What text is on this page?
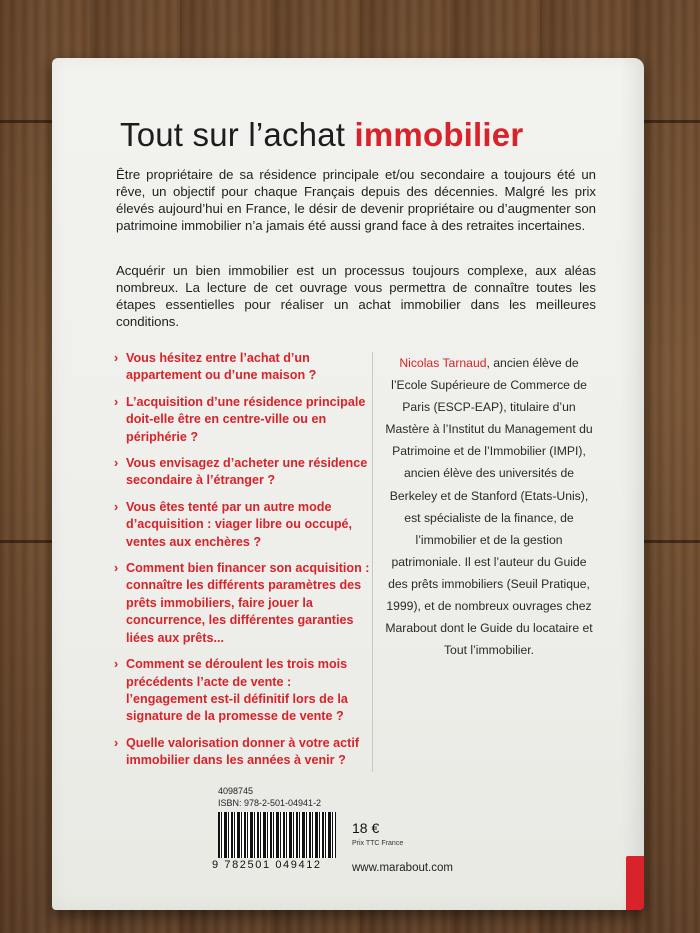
Tout sur l’achat immobilier

Être propriétaire de sa résidence principale et/ou secondaire a toujours été un rêve, un objectif pour chaque Français depuis des décennies. Malgré les prix élevés aujourd’hui en France, le désir de devenir propriétaire ou d’augmenter son patrimoine immobilier n’a jamais été aussi grand face à des retraites incertaines.

Acquérir un bien immobilier est un processus toujours complexe, aux aléas nombreux. La lecture de cet ouvrage vous permettra de connaître toutes les étapes essentielles pour réaliser un achat immobilier dans les meilleures conditions.

› Vous hésitez entre l’achat d’un appartement ou d’une maison ?
› L’acquisition d’une résidence principale doit-elle être en centre-ville ou en périphérie ?
› Vous envisagez d’acheter une résidence secondaire à l’étranger ?
› Vous êtes tenté par un autre mode d’acquisition : viager libre ou occupé, ventes aux enchères ?
› Comment bien financer son acquisition : connaître les différents paramètres des prêts immobiliers, faire jouer la concurrence, les différentes garanties liées aux prêts...
› Comment se déroulent les trois mois précédents l’acte de vente : l’engagement est-il définitif lors de la signature de la promesse de vente ?
› Quelle valorisation donner à votre actif immobilier dans les années à venir ?

Nicolas Tarnaud, ancien élève de l’Ecole Supérieure de Commerce de Paris (ESCP-EAP), titulaire d’un Mastère à l’Institut du Management du Patrimoine et de l’Immobilier (IMPI), ancien élève des universités de Berkeley et de Stanford (Etats-Unis), est spécialiste de la finance, de l’immobilier et de la gestion patrimoniale. Il est l’auteur du Guide des prêts immobiliers (Seuil Pratique, 1999), et de nombreux ouvrages chez Marabout dont le Guide du locataire et Tout l’immobilier.

4098745
ISBN: 978-2-501-04941-2
9 782501 049412
18 €
Prix TTC France
www.marabout.com
